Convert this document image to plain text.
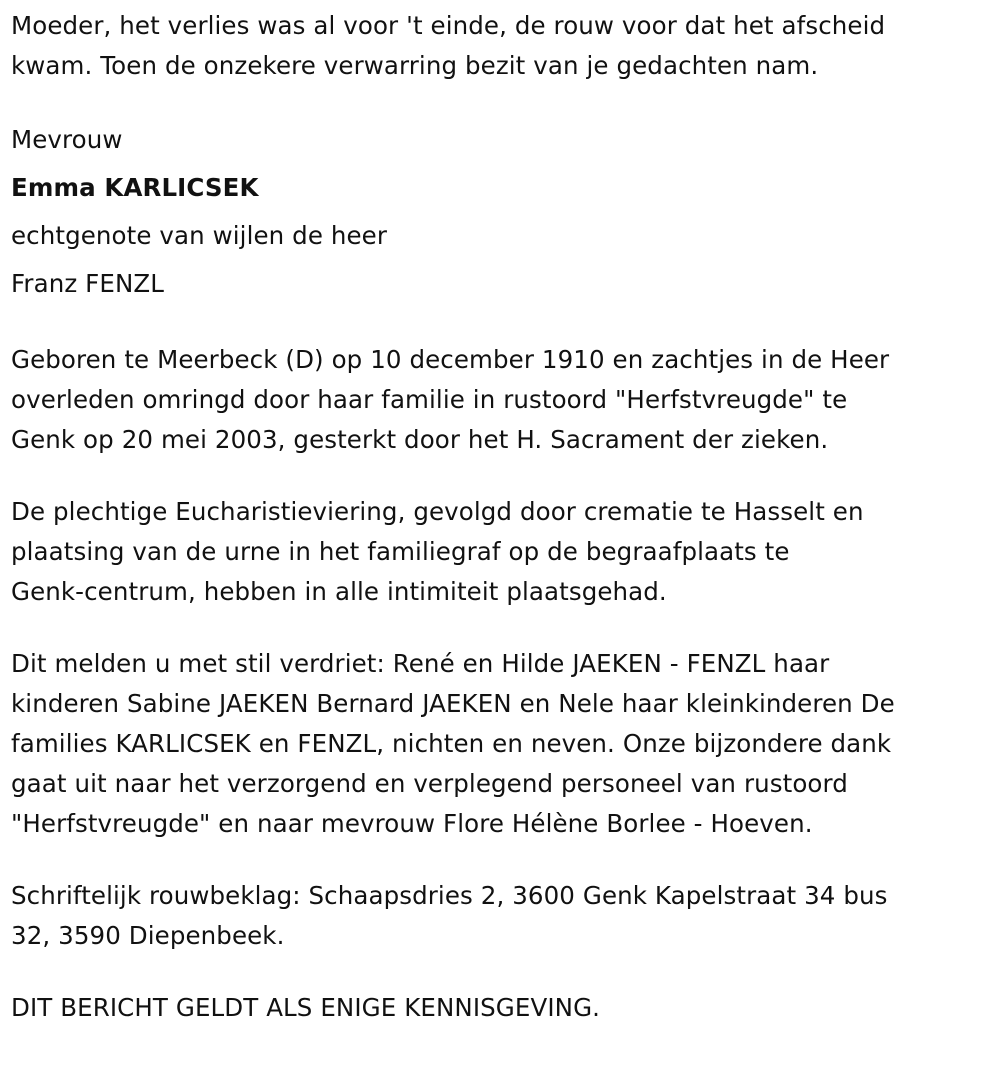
Moeder, het verlies was al voor 't einde, de rouw voor dat het afscheid
kwam. Toen de onzekere verwarring bezit van je gedachten nam.
Mevrouw
Emma KARLICSEK
echtgenote van wijlen de heer
Franz FENZL
Geboren te Meerbeck (D) op 10 december 1910 en zachtjes in de Heer
overleden omringd door haar familie in rustoord "Herfstvreugde" te
Genk op 20 mei 2003, gesterkt door het H. Sacrament der zieken.
De plechtige Eucharistieviering, gevolgd door crematie te Hasselt en
plaatsing van de urne in het familiegraf op de begraafplaats te
Genk-centrum, hebben in alle intimiteit plaatsgehad.
Dit melden u met stil verdriet: René en Hilde JAEKEN - FENZL haar
kinderen Sabine JAEKEN Bernard JAEKEN en Nele haar kleinkinderen De
families KARLICSEK en FENZL, nichten en neven. Onze bijzondere dank
gaat uit naar het verzorgend en verplegend personeel van rustoord
"Herfstvreugde" en naar mevrouw Flore Hélène Borlee - Hoeven.
Schriftelijk rouwbeklag: Schaapsdries 2, 3600 Genk Kapelstraat 34 bus
32, 3590 Diepenbeek.
DIT BERICHT GELDT ALS ENIGE KENNISGEVING.
